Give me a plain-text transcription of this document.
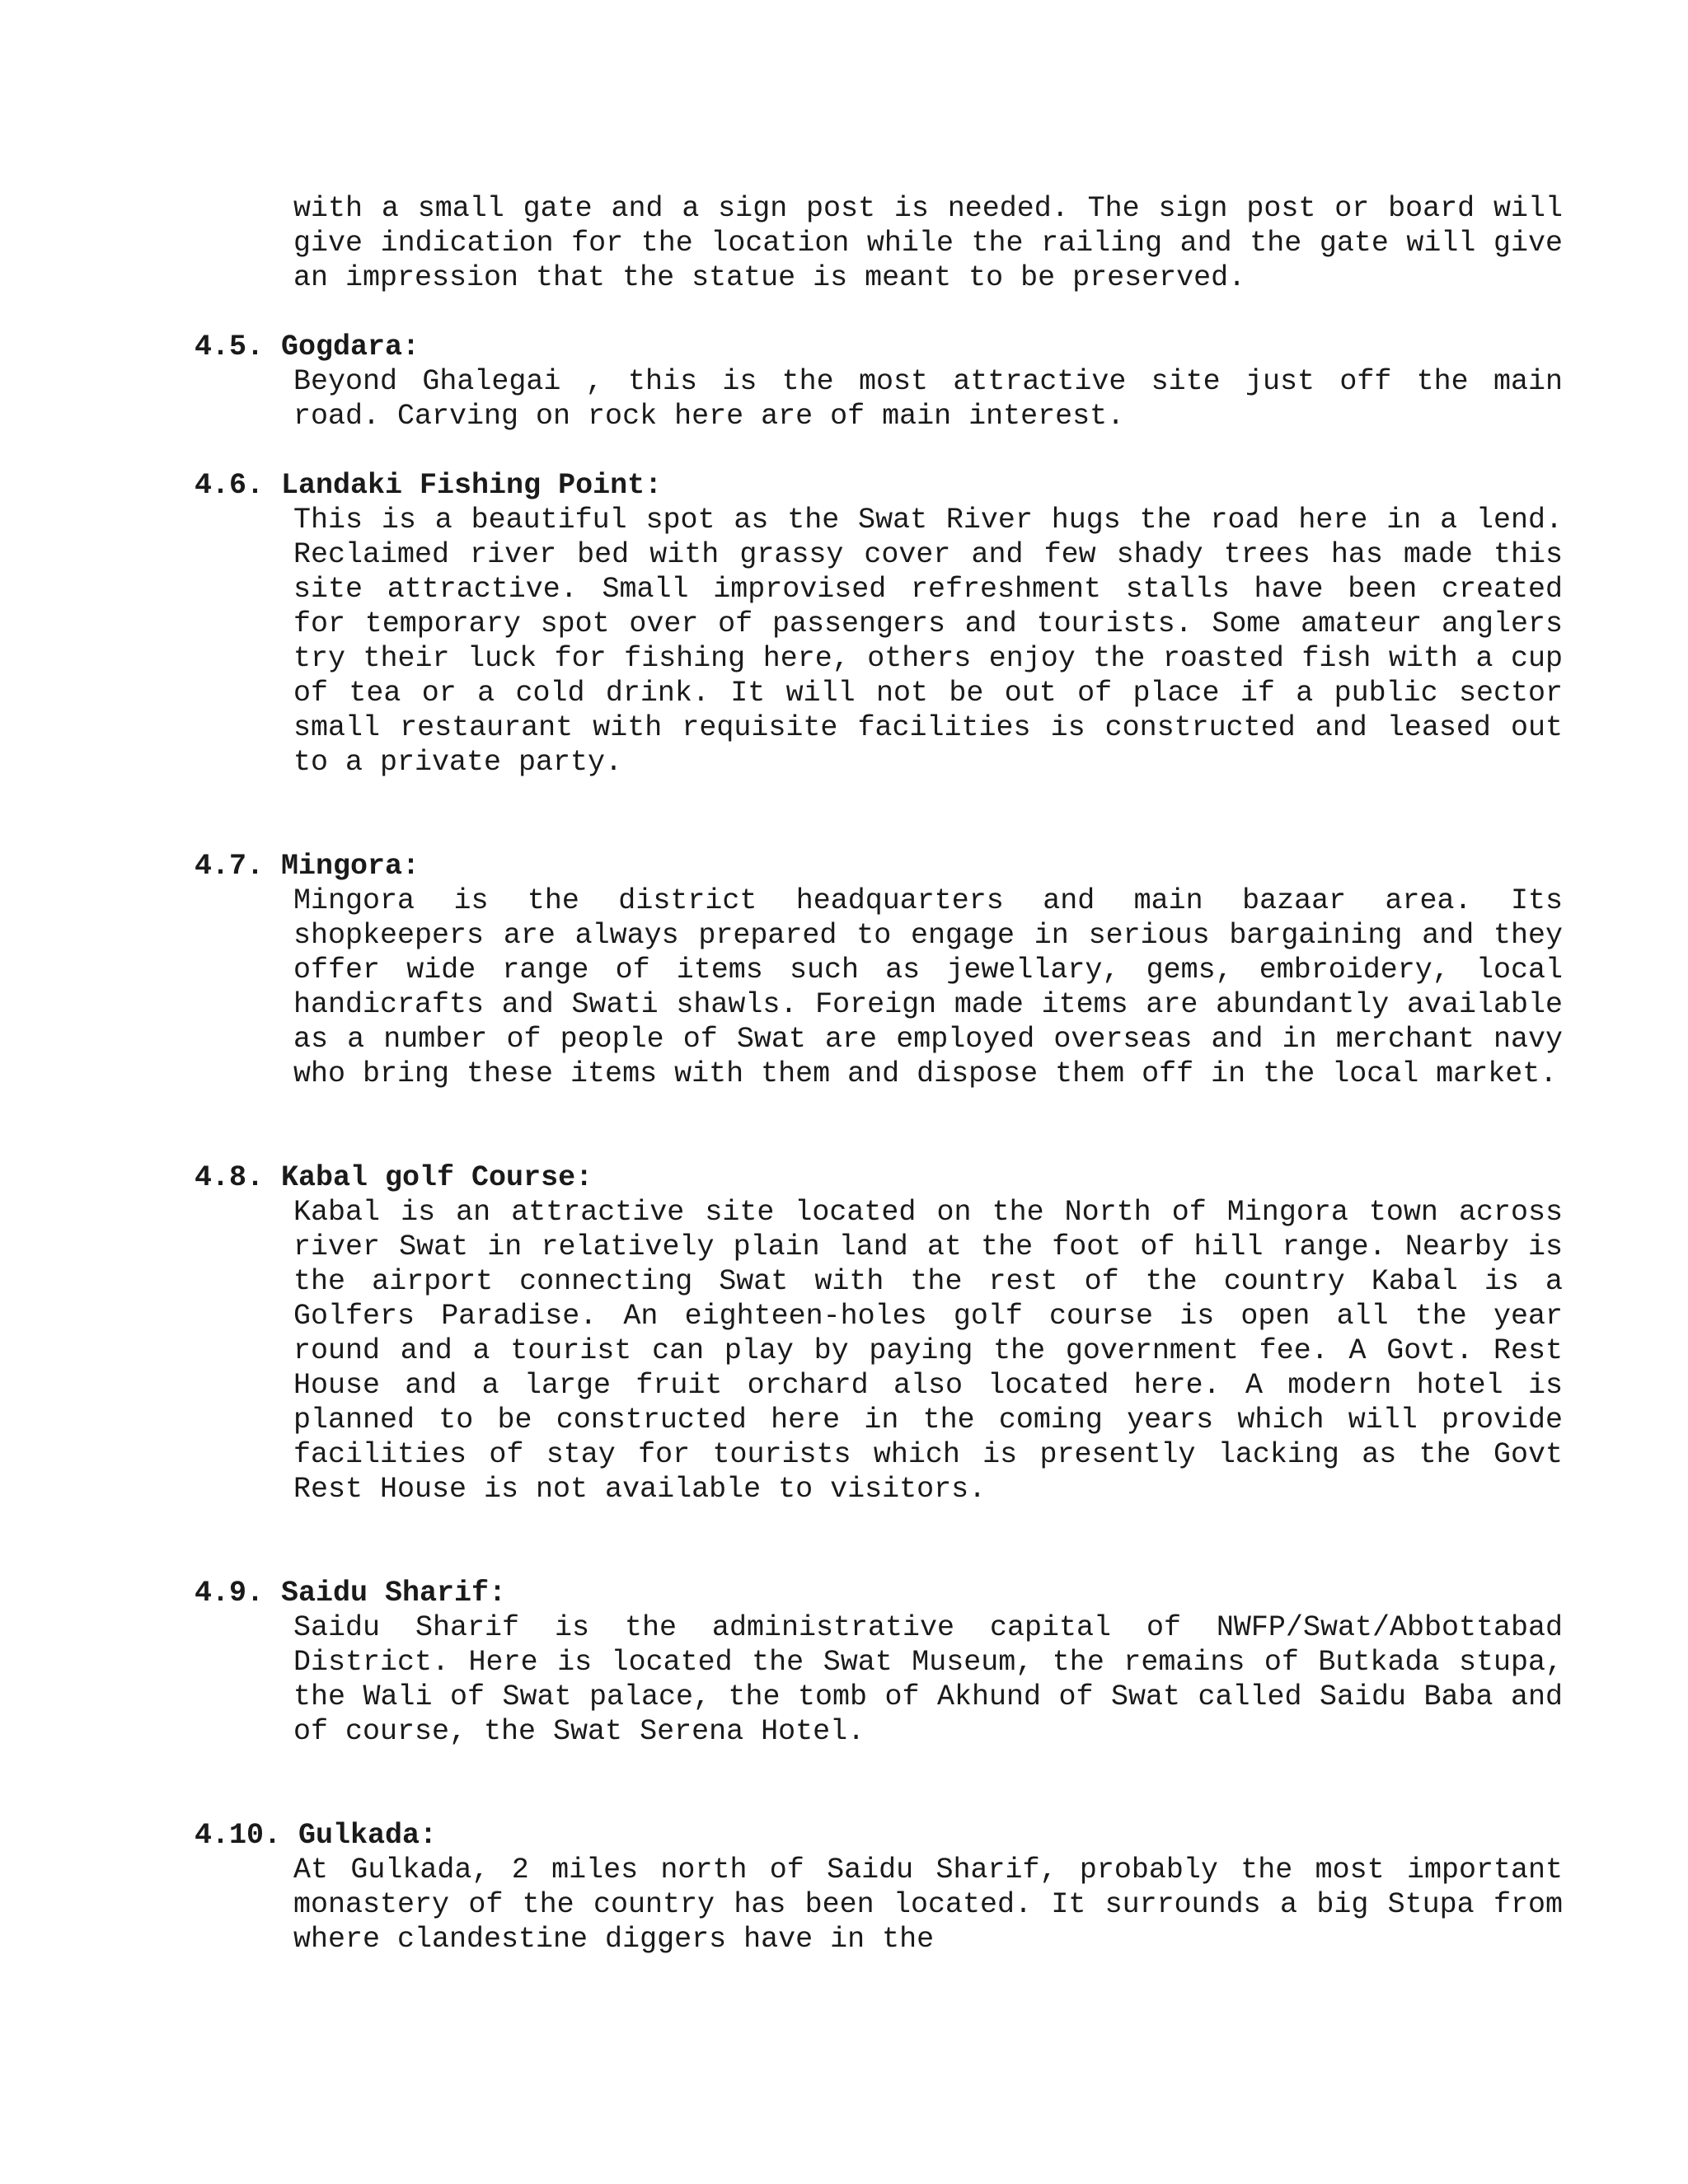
with a small gate and a sign post is needed. The sign post or board will give indication for the location while the railing and the gate will give an impression that the statue is meant to be preserved.

4.5. Gogdara:

Beyond Ghalegai , this is the most attractive site just off the main road. Carving on rock here are of main interest.

4.6. Landaki Fishing Point:

This is a beautiful spot as the Swat River hugs the road here in a lend. Reclaimed river bed with grassy cover and few shady trees has made this site attractive. Small improvised refreshment stalls have been created for temporary spot over of passengers and tourists. Some amateur anglers try their luck for fishing here, others enjoy the roasted fish with a cup of tea or a cold drink. It will not be out of place if a public sector small restaurant with requisite facilities is constructed and leased out to a private party.

4.7. Mingora:

Mingora is the district headquarters and main bazaar area. Its shopkeepers are always prepared to engage in serious bargaining and they offer wide range of items such as jewellary, gems, embroidery, local handicrafts and Swati shawls. Foreign made items are abundantly available as a number of people of Swat are employed overseas and in merchant navy who bring these items with them and dispose them off in the local market.

4.8. Kabal golf Course:

Kabal is an attractive site located on the North of Mingora town across river Swat in relatively plain land at the foot of hill range. Nearby is the airport connecting Swat with the rest of the country Kabal is a Golfers Paradise. An eighteen-holes golf course is open all the year round and a tourist can play by paying the government fee. A Govt. Rest House and a large fruit orchard also located here. A modern hotel is planned to be constructed here in the coming years which will provide facilities of stay for tourists which is presently lacking as the Govt Rest House is not available to visitors.

4.9. Saidu Sharif:

Saidu Sharif is the administrative capital of NWFP/Swat/Abbottabad District. Here is located the Swat Museum, the remains of Butkada stupa, the Wali of Swat palace, the tomb of Akhund of Swat called Saidu Baba and of course, the Swat Serena Hotel.

4.10. Gulkada:

At Gulkada, 2 miles north of Saidu Sharif, probably the most important monastery of the country has been located. It surrounds a big Stupa from where clandestine diggers have in the
